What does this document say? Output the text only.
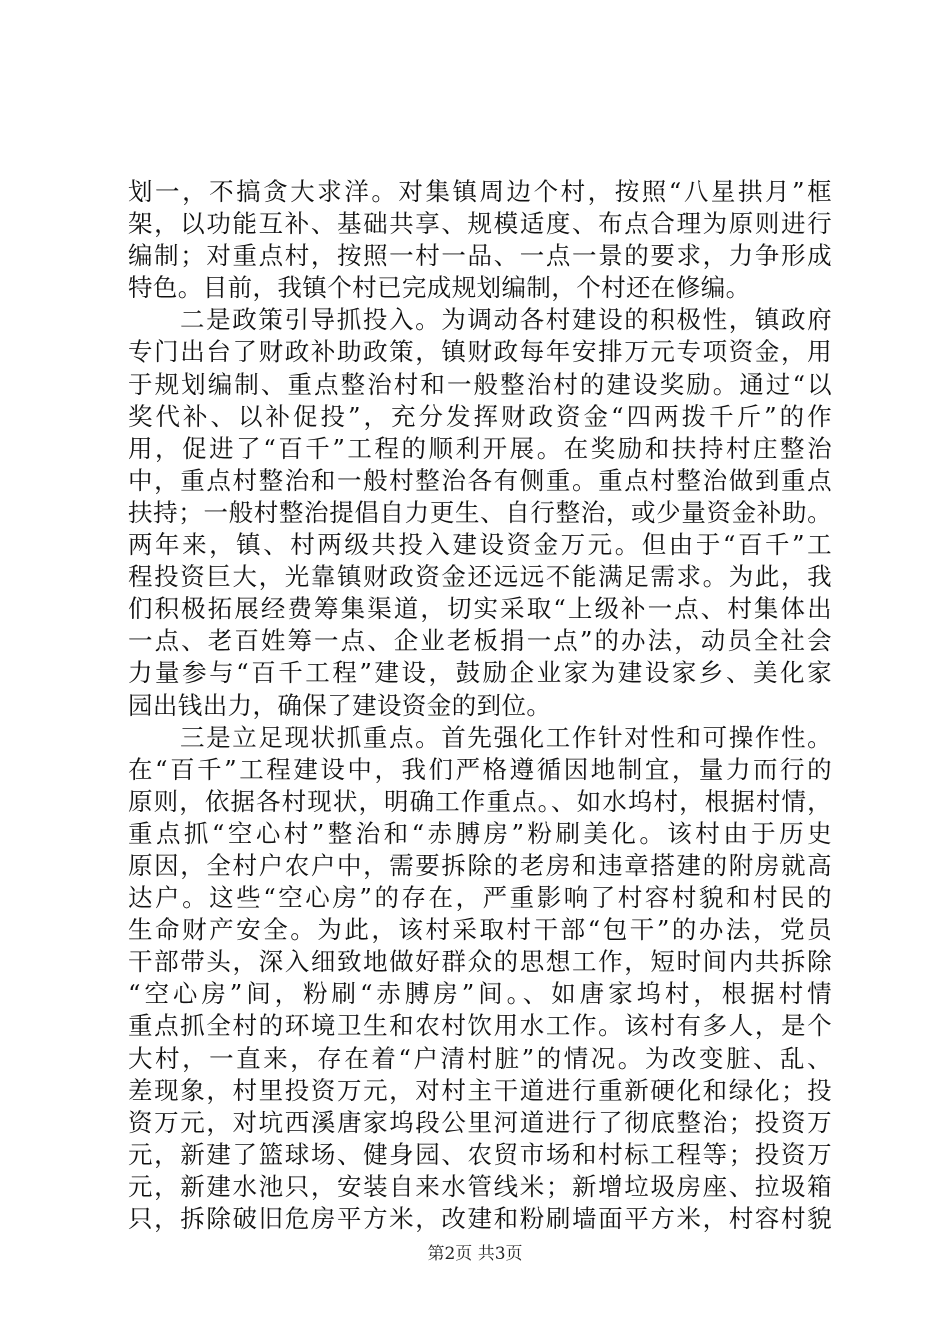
划一，不搞贪大求洋。对集镇周边个村，按照“八星拱月”框
架，以功能互补、基础共享、规模适度、布点合理为原则进行
编制；对重点村，按照一村一品、一点一景的要求，力争形成
特色。目前，我镇个村已完成规划编制，个村还在修编。
二是政策引导抓投入。为调动各村建设的积极性，镇政府
专门出台了财政补助政策，镇财政每年安排万元专项资金，用
于规划编制、重点整治村和一般整治村的建设奖励。通过“以
奖代补、以补促投”，充分发挥财政资金“四两拨千斤”的作
用，促进了“百千”工程的顺利开展。在奖励和扶持村庄整治
中，重点村整治和一般村整治各有侧重。重点村整治做到重点
扶持；一般村整治提倡自力更生、自行整治，或少量资金补助。
两年来，镇、村两级共投入建设资金万元。但由于“百千”工
程投资巨大，光靠镇财政资金还远远不能满足需求。为此，我
们积极拓展经费筹集渠道，切实采取“上级补一点、村集体出
一点、老百姓筹一点、企业老板捐一点”的办法，动员全社会
力量参与“百千工程”建设，鼓励企业家为建设家乡、美化家
园出钱出力，确保了建设资金的到位。
三是立足现状抓重点。首先强化工作针对性和可操作性。
在“百千”工程建设中，我们严格遵循因地制宜，量力而行的
原则，依据各村现状，明确工作重点。、如水坞村，根据村情，
重点抓“空心村”整治和“赤膊房”粉刷美化。该村由于历史
原因，全村户农户中，需要拆除的老房和违章搭建的附房就高
达户。这些“空心房”的存在，严重影响了村容村貌和村民的
生命财产安全。为此，该村采取村干部“包干”的办法，党员
干部带头，深入细致地做好群众的思想工作，短时间内共拆除
“空心房”间，粉刷“赤膊房”间。、如唐家坞村，根据村情
重点抓全村的环境卫生和农村饮用水工作。该村有多人，是个
大村，一直来，存在着“户清村脏”的情况。为改变脏、乱、
差现象，村里投资万元，对村主干道进行重新硬化和绿化；投
资万元，对坑西溪唐家坞段公里河道进行了彻底整治；投资万
元，新建了篮球场、健身园、农贸市场和村标工程等；投资万
元，新建水池只，安装自来水管线米；新增垃圾房座、拉圾箱
只，拆除破旧危房平方米，改建和粉刷墙面平方米，村容村貌
第2页 共3页
